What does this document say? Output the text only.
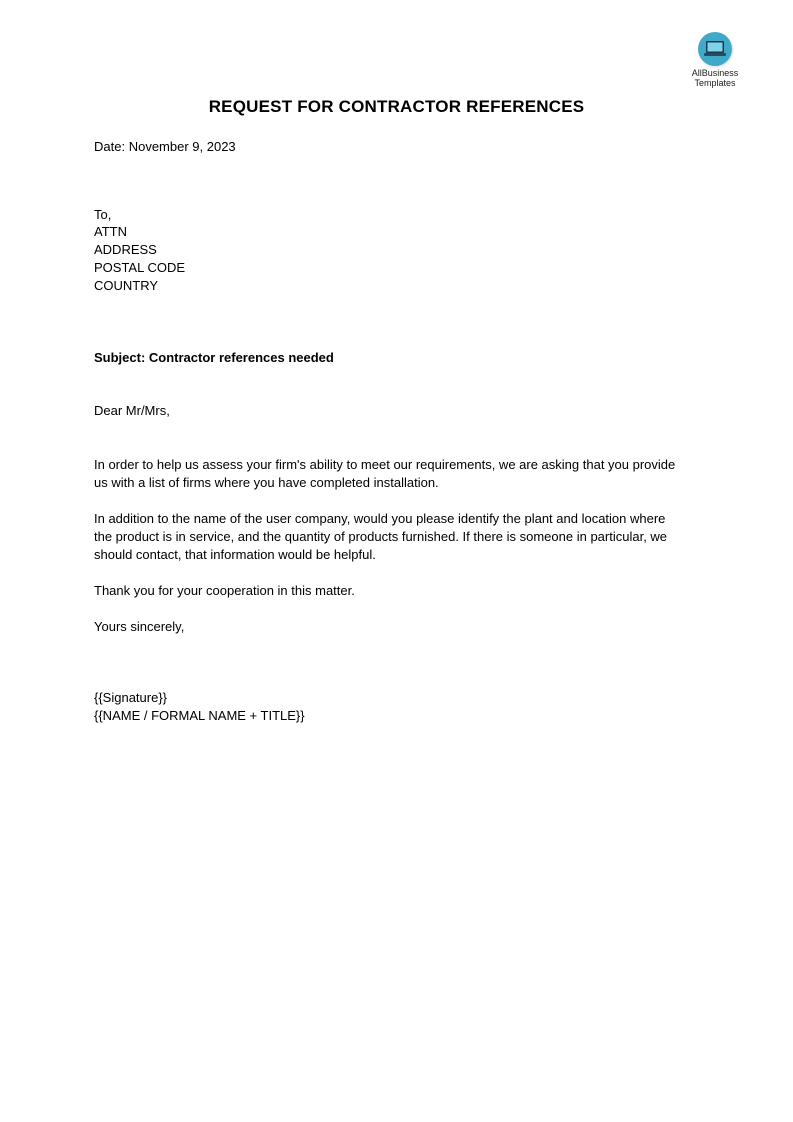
AllBusiness
Templates
REQUEST FOR CONTRACTOR REFERENCES
Date: November 9, 2023
To,
ATTN
ADDRESS
POSTAL CODE
COUNTRY
Subject: Contractor references needed
Dear Mr/Mrs,
In order to help us assess your firm's ability to meet our requirements, we are asking that you provide
us with a list of firms where you have completed installation.
In addition to the name of the user company, would you please identify the plant and location where
the product is in service, and the quantity of products furnished. If there is someone in particular, we
should contact, that information would be helpful.
Thank you for your cooperation in this matter.
Yours sincerely,
{{Signature}}
{{NAME / FORMAL NAME + TITLE}}
